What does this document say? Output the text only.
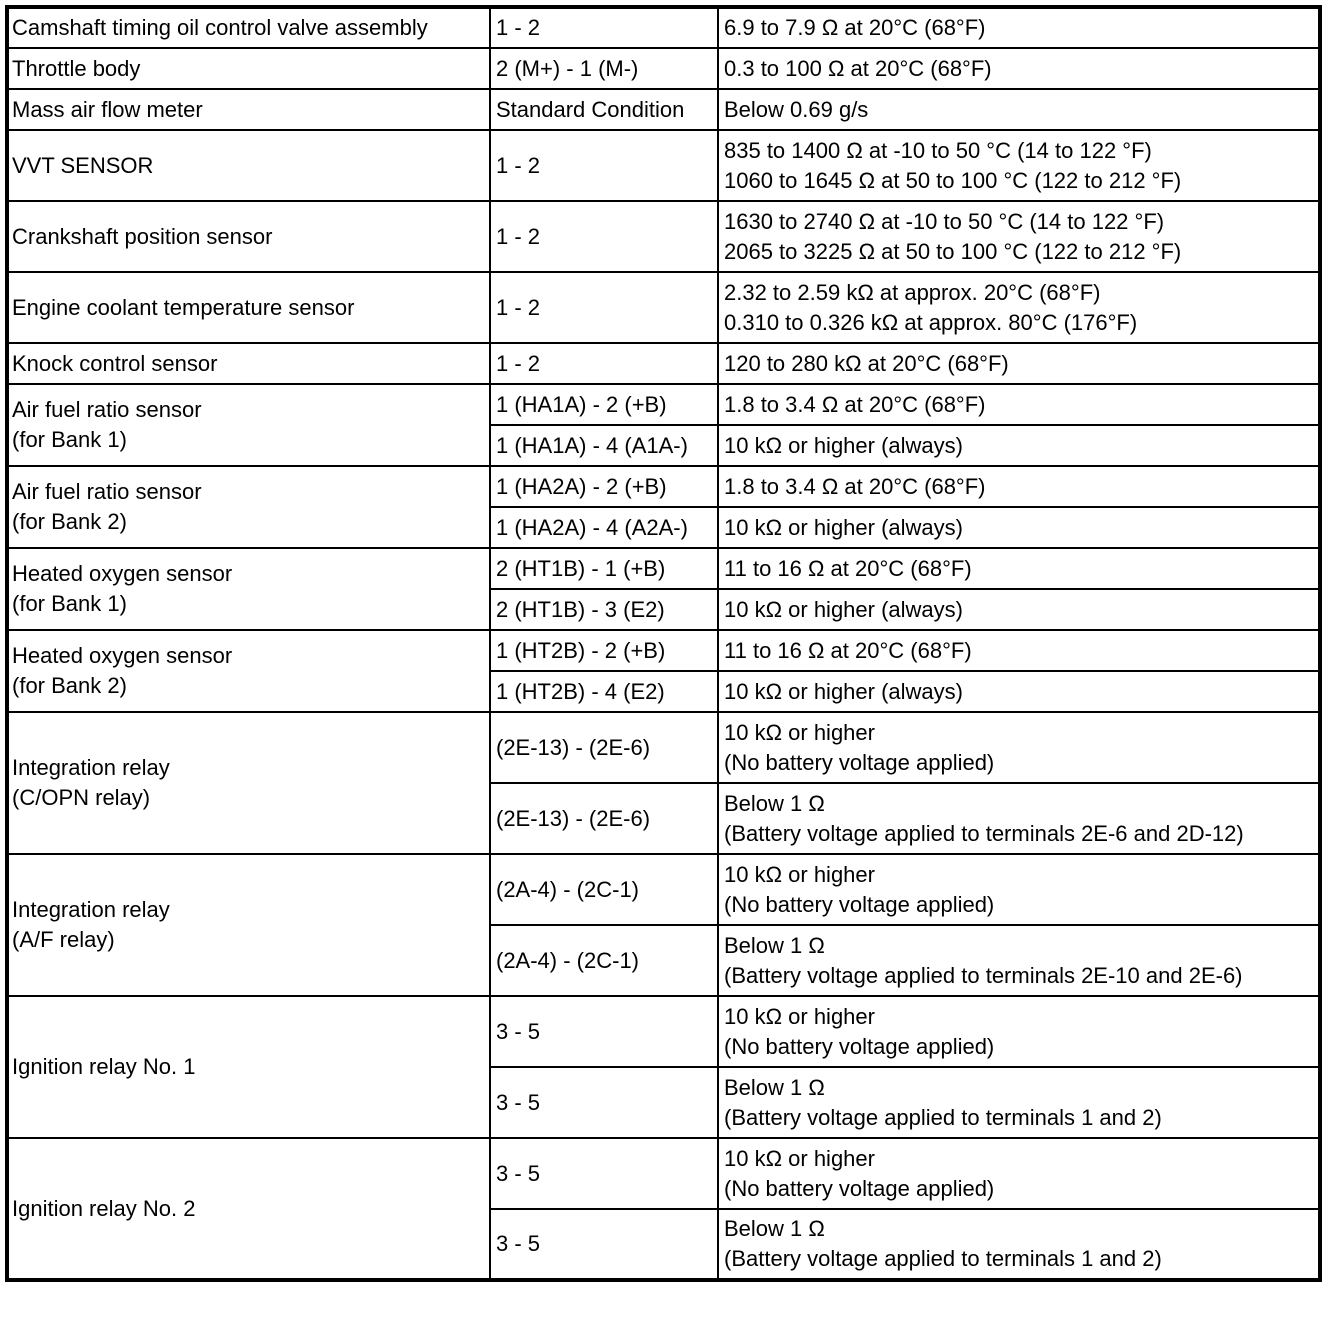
Camshaft timing oil control valve assembly	1 - 2	6.9 to 7.9 Ω at 20°C (68°F)

Throttle body	2 (M+) - 1 (M-)	0.3 to 100 Ω at 20°C (68°F)

Mass air flow meter	Standard Condition	Below 0.69 g/s

VVT SENSOR	1 - 2	835 to 1400 Ω at -10 to 50 °C (14 to 122 °F)
1060 to 1645 Ω at 50 to 100 °C (122 to 212 °F)

Crankshaft position sensor	1 - 2	1630 to 2740 Ω at -10 to 50 °C (14 to 122 °F)
2065 to 3225 Ω at 50 to 100 °C (122 to 212 °F)

Engine coolant temperature sensor	1 - 2	2.32 to 2.59 kΩ at approx. 20°C (68°F)
0.310 to 0.326 kΩ at approx. 80°C (176°F)

Knock control sensor	1 - 2	120 to 280 kΩ at 20°C (68°F)

Air fuel ratio sensor
(for Bank 1)	1 (HA1A) - 2 (+B)	1.8 to 3.4 Ω at 20°C (68°F)

	1 (HA1A) - 4 (A1A-)	10 kΩ or higher (always)

Air fuel ratio sensor
(for Bank 2)	1 (HA2A) - 2 (+B)	1.8 to 3.4 Ω at 20°C (68°F)

	1 (HA2A) - 4 (A2A-)	10 kΩ or higher (always)

Heated oxygen sensor
(for Bank 1)	2 (HT1B) - 1 (+B)	11 to 16 Ω at 20°C (68°F)

	2 (HT1B) - 3 (E2)	10 kΩ or higher (always)

Heated oxygen sensor
(for Bank 2)	1 (HT2B) - 2 (+B)	11 to 16 Ω at 20°C (68°F)

	1 (HT2B) - 4 (E2)	10 kΩ or higher (always)

Integration relay
(C/OPN relay)	(2E-13) - (2E-6)	10 kΩ or higher
(No battery voltage applied)

	(2E-13) - (2E-6)	Below 1 Ω
(Battery voltage applied to terminals 2E-6 and 2D-12)

Integration relay
(A/F relay)	(2A-4) - (2C-1)	10 kΩ or higher
(No battery voltage applied)

	(2A-4) - (2C-1)	Below 1 Ω
(Battery voltage applied to terminals 2E-10 and 2E-6)

Ignition relay No. 1	3 - 5	10 kΩ or higher
(No battery voltage applied)

	3 - 5	Below 1 Ω
(Battery voltage applied to terminals 1 and 2)

Ignition relay No. 2	3 - 5	10 kΩ or higher
(No battery voltage applied)

	3 - 5	Below 1 Ω
(Battery voltage applied to terminals 1 and 2)
